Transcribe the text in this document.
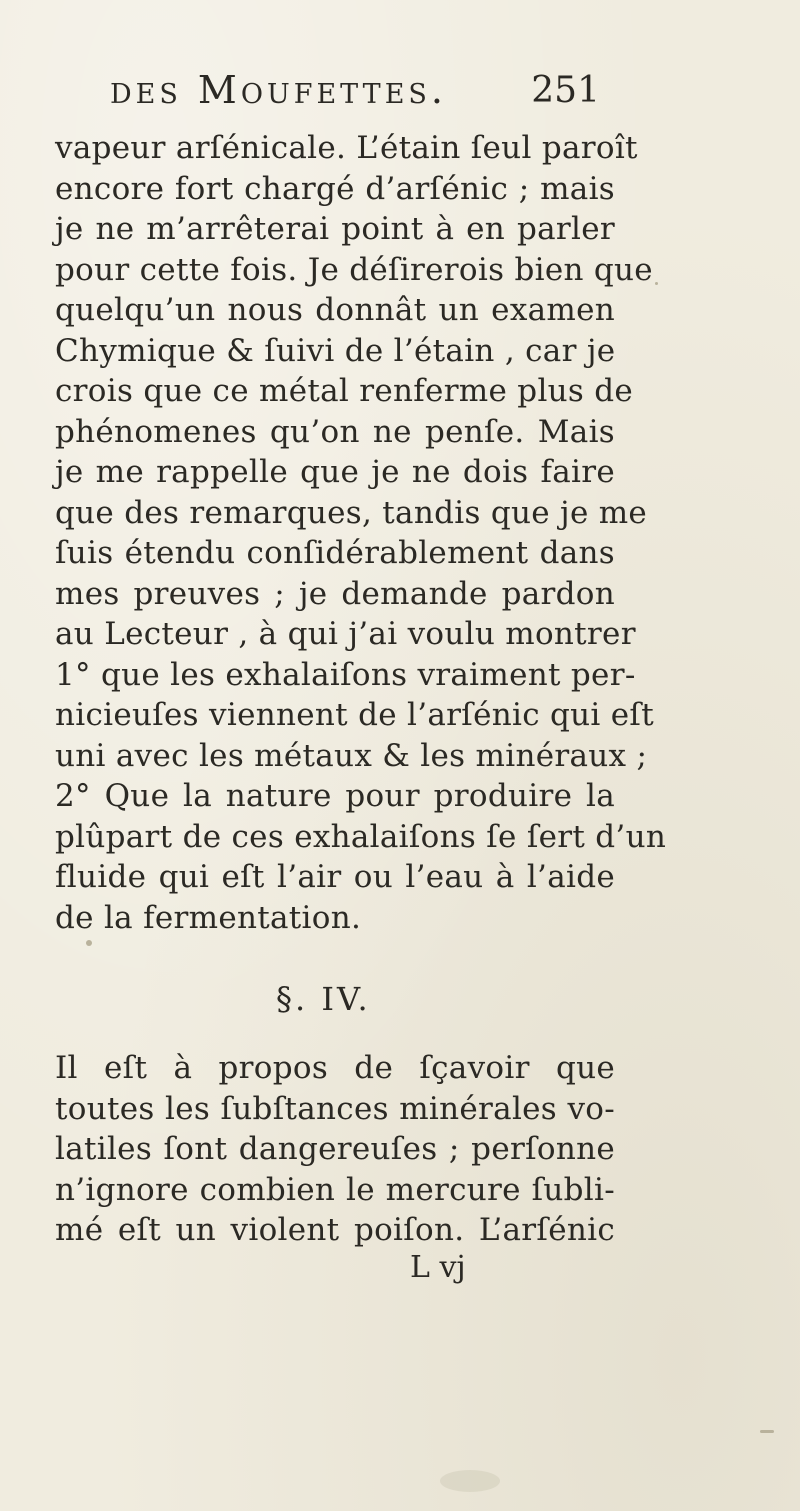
des Moufettes. 251
vapeur arſénicale. L’étain ſeul paroît
encore fort chargé d’arſénic ; mais
je ne m’arrêterai point à en parler
pour cette fois. Je déſirerois bien que
quelqu’un nous donnât un examen
Chymique & ſuivi de l’étain , car je
crois que ce métal renferme plus de
phénomenes qu’on ne penſe. Mais
je me rappelle que je ne dois faire
que des remarques, tandis que je me
ſuis étendu conſidérablement dans
mes preuves ; je demande pardon
au Lecteur , à qui j’ai voulu montrer
1° que les exhalaiſons vraiment per-
nicieuſes viennent de l’arſénic qui eſt
uni avec les métaux & les minéraux ;
2° Que la nature pour produire la
plûpart de ces exhalaiſons ſe ſert d’un
fluide qui eſt l’air ou l’eau à l’aide
de la fermentation.
§. IV.
Il eſt à propos de ſçavoir que
toutes les ſubſtances minérales vo-
latiles ſont dangereuſes ; perſonne
n’ignore combien le mercure ſubli-
mé eſt un violent poiſon. L’arſénic
L vj
